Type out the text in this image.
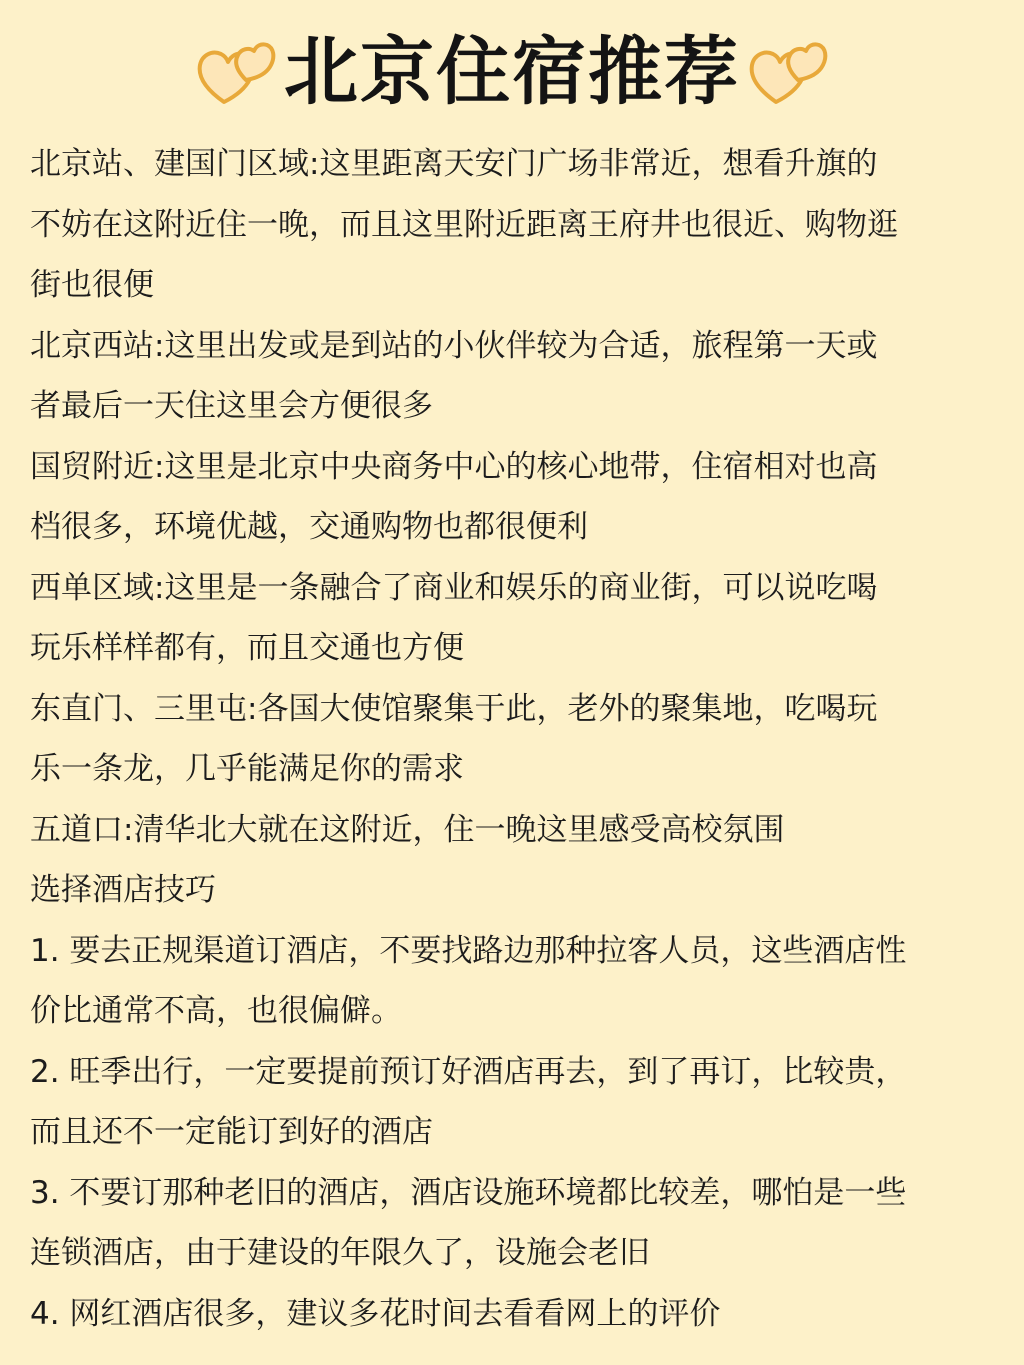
北京住宿推荐
北京站、建国门区域:这里距离天安门广场非常近，想看升旗的
不妨在这附近住一晚，而且这里附近距离王府井也很近、购物逛
街也很便
北京西站:这里出发或是到站的小伙伴较为合适，旅程第一天或
者最后一天住这里会方便很多
国贸附近:这里是北京中央商务中心的核心地带，住宿相对也高
档很多，环境优越，交通购物也都很便利
西单区域:这里是一条融合了商业和娱乐的商业街，可以说吃喝
玩乐样样都有，而且交通也方便
东直门、三里屯:各国大使馆聚集于此，老外的聚集地，吃喝玩
乐一条龙，几乎能满足你的需求
五道口:清华北大就在这附近，住一晚这里感受高校氛围
选择酒店技巧
1. 要去正规渠道订酒店，不要找路边那种拉客人员，这些酒店性
价比通常不高，也很偏僻。
2. 旺季出行，一定要提前预订好酒店再去，到了再订，比较贵，
而且还不一定能订到好的酒店
3. 不要订那种老旧的酒店，酒店设施环境都比较差，哪怕是一些
连锁酒店，由于建设的年限久了，设施会老旧
4. 网红酒店很多，建议多花时间去看看网上的评价
